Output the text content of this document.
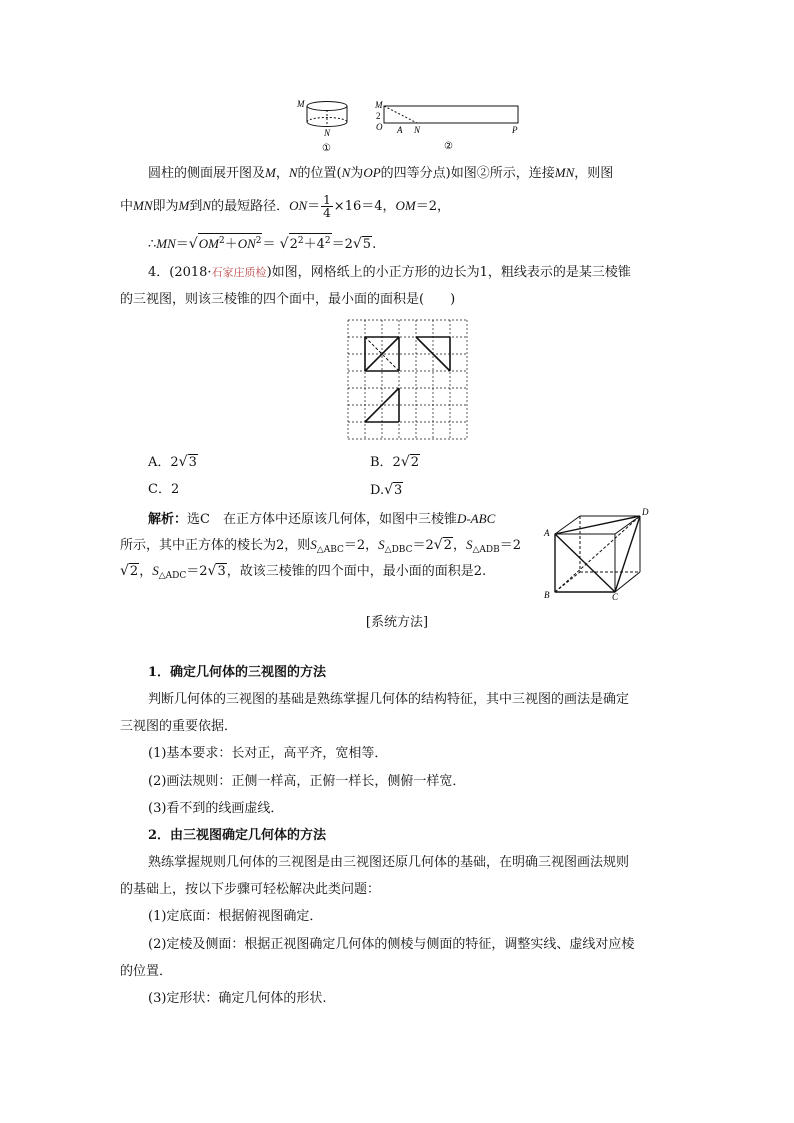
M
N
①
M
2
O A N	P
②
圆柱的侧面展开图及M，N的位置(N为OP的四等分点)如图②所示，连接MN，则图
中MN即为M到N的最短路径．$ON= \frac{1}{4} \times 16=4$，OM＝2，
$\therefore MN=√OM^2+ON^2= √2^2+4^2=2√5$.
4．(2018·石家庄质检)如图，网格纸上的小正方形的边长为1，粗线表示的是某三棱锥
的三视图，则该三棱锥的四个面中，最小面的面积是(　　)
A．2√3	B．2√2
C．2	D.√3
解析：选C　在正方体中还原该几何体，如图中三棱锥D-ABC
所示，其中正方体的棱长为2，则$S_{\triangle ABC}=2$，$S_{\triangle DBC}=2√2$，$S_{\triangle ADB}=2$
√2，$S_{\triangle ADC}=2√3$，故该三棱锥的四个面中，最小面的面积是2.
D
A
B	C
[系统方法]
1．确定几何体的三视图的方法
判断几何体的三视图的基础是熟练掌握几何体的结构特征，其中三视图的画法是确定
三视图的重要依据．
(1)基本要求：长对正，高平齐，宽相等．
(2)画法规则：正侧一样高，正俯一样长，侧俯一样宽．
(3)看不到的线画虚线．
2．由三视图确定几何体的方法
熟练掌握规则几何体的三视图是由三视图还原几何体的基础，在明确三视图画法规则
的基础上，按以下步骤可轻松解决此类问题：
(1)定底面：根据俯视图确定．
(2)定棱及侧面：根据正视图确定几何体的侧棱与侧面的特征，调整实线、虚线对应棱
的位置．
(3)定形状：确定几何体的形状.
